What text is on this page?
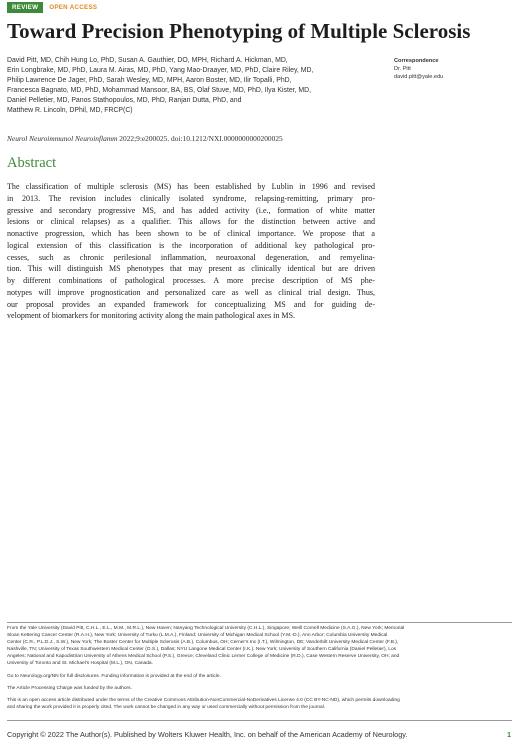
REVIEW	OPEN ACCESS
Toward Precision Phenotyping of Multiple Sclerosis
David Pitt, MD, Chih Hung Lo, PhD, Susan A. Gauthier, DO, MPH, Richard A. Hickman, MD,
Erin Longbrake, MD, PhD, Laura M. Airas, MD, PhD, Yang Mao-Draayer, MD, PhD, Claire Riley, MD,
Philip Lawrence De Jager, PhD, Sarah Wesley, MD, MPH, Aaron Boster, MD, Ilir Topalli, PhD,
Francesca Bagnato, MD, PhD, Mohammad Mansoor, BA, BS, Olaf Stuve, MD, PhD, Ilya Kister, MD,
Daniel Pelletier, MD, Panos Stathopoulos, MD, PhD, Ranjan Dutta, PhD, and
Matthew R. Lincoln, DPhil, MD, FRCP(C)
Correspondence
Dr. Pitt
david.pitt@yale.edu
Neurol Neuroimmunol Neuroinflamm 2022;9:e200025. doi:10.1212/NXI.0000000000200025
Abstract
The classification of multiple sclerosis (MS) has been established by Lublin in 1996 and revised
in 2013. The revision includes clinically isolated syndrome, relapsing-remitting, primary pro-
gressive and secondary progressive MS, and has added activity (i.e., formation of white matter
lesions or clinical relapses) as a qualifier. This allows for the distinction between active and
nonactive progression, which has been shown to be of clinical importance. We propose that a
logical extension of this classification is the incorporation of additional key pathological pro-
cesses, such as chronic perilesional inflammation, neuroaxonal degeneration, and remyelina-
tion. This will distinguish MS phenotypes that may present as clinically identical but are driven
by different combinations of pathological processes. A more precise description of MS phe-
notypes will improve prognostication and personalized care as well as clinical trial design. Thus,
our proposal provides an expanded framework for conceptualizing MS and for guiding de-
velopment of biomarkers for monitoring activity along the main pathological axes in MS.
From the Yale University (David Pitt, C.H.L., E.L., M.M., M.R.L.), New Haven; Nanyang Technological University (C.H.L.), Singapore; Weill Cornell Medicine (S.A.G.), New York; Memorial
Sloan Kettering Cancer Center (R.A.H.), New York; University of Turku (L.M.A.), Finland; University of Michigan Medical School (Y.M.-D.), Ann Arbor; Columbia University Medical
Center (C.R., P.L.D.J., S.W.), New York; The Boster Center for Multiple Sclerosis (A.B.), Columbus, OH; Cerner's Inc (I.T.), Wilmington, DE; Vanderbilt University Medical Center (F.B.),
Nashville, TN; University of Texas Southwestern Medical Center (O.S.), Dallas; NYU Langone Medical Center (I.K.), New York; University of Southern California (Daniel Pelletier), Los
Angeles; National and Kapodistrian University of Athens Medical School (P.S.), Greece; Cleveland Clinic Lerner College of Medicine (R.D.), Case Western Reserve University, OH; and
University of Toronto and St. Michael's Hospital (M.L.), ON, Canada.
Go to Neurology.org/NN for full disclosures. Funding information is provided at the end of the article.
The Article Processing Charge was funded by the authors.
This is an open access article distributed under the terms of the Creative Commons Attribution-NonCommercial-NoDerivatives License 4.0 (CC BY-NC-ND), which permits downloading
and sharing the work provided it is properly cited. The work cannot be changed in any way or used commercially without permission from the journal.
Copyright © 2022 The Author(s). Published by Wolters Kluwer Health, Inc. on behalf of the American Academy of Neurology.	1
